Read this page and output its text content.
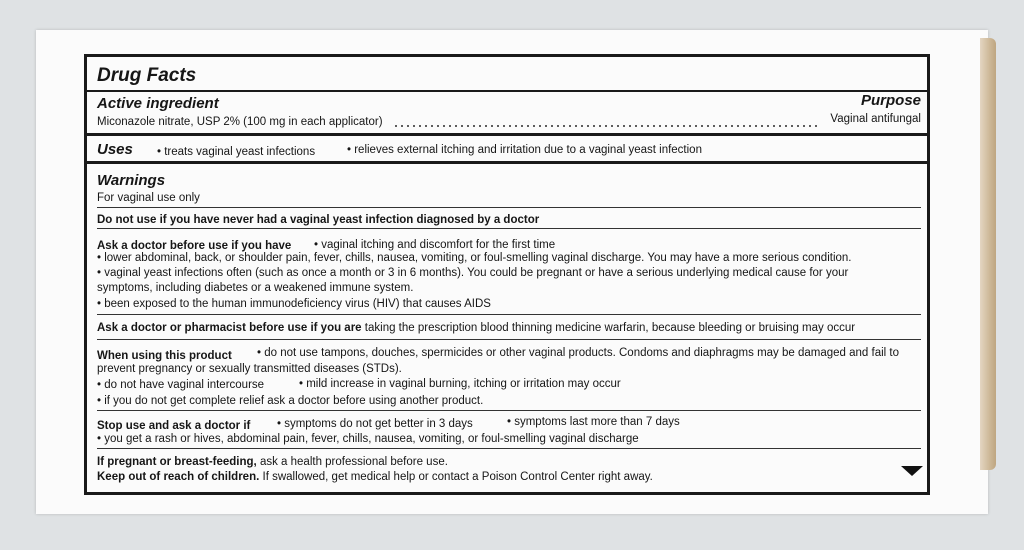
Drug Facts
Active ingredient	Purpose
Miconazole nitrate, USP 2% (100 mg in each applicator)	Vaginal antifungal
Uses • treats vaginal yeast infections	• relieves external itching and irritation due to a vaginal yeast infection
Warnings
For vaginal use only
Do not use if you have never had a vaginal yeast infection diagnosed by a doctor
Ask a doctor before use if you have • vaginal itching and discomfort for the first time
• lower abdominal, back, or shoulder pain, fever, chills, nausea, vomiting, or foul-smelling vaginal discharge. You may have a more serious condition.
• vaginal yeast infections often (such as once a month or 3 in 6 months). You could be pregnant or have a serious underlying medical cause for your
symptoms, including diabetes or a weakened immune system.
• been exposed to the human immunodeficiency virus (HIV) that causes AIDS
Ask a doctor or pharmacist before use if you are taking the prescription blood thinning medicine warfarin, because bleeding or bruising may occur
When using this product • do not use tampons, douches, spermicides or other vaginal products. Condoms and diaphragms may be damaged and fail to
prevent pregnancy or sexually transmitted diseases (STDs).
• do not have vaginal intercourse	• mild increase in vaginal burning, itching or irritation may occur
• if you do not get complete relief ask a doctor before using another product.
Stop use and ask a doctor if • symptoms do not get better in 3 days	• symptoms last more than 7 days
• you get a rash or hives, abdominal pain, fever, chills, nausea, vomiting, or foul-smelling vaginal discharge
If pregnant or breast-feeding, ask a health professional before use.
Keep out of reach of children. If swallowed, get medical help or contact a Poison Control Center right away.
